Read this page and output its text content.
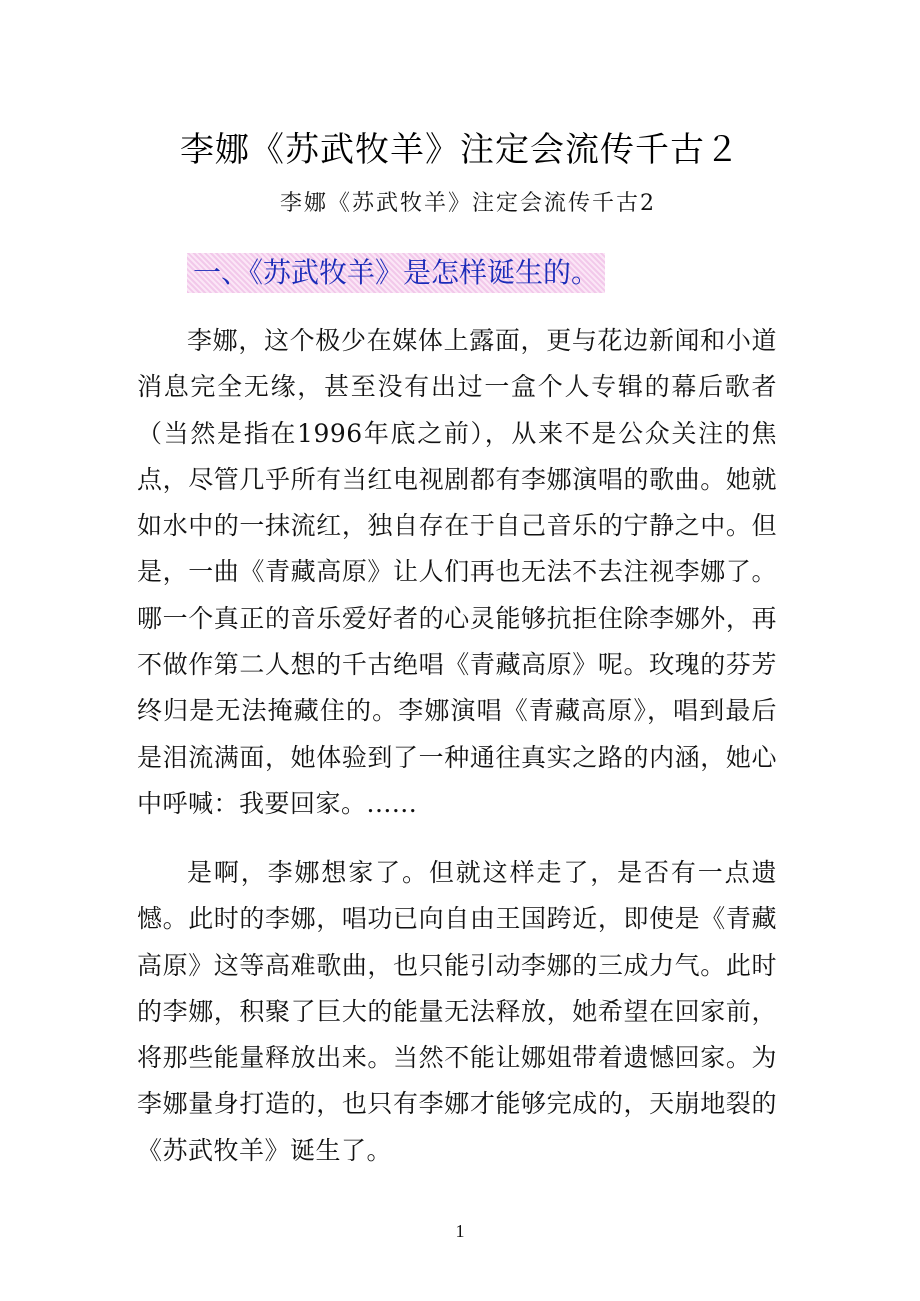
李娜《苏武牧羊》注定会流传千古２

李娜《苏武牧羊》注定会流传千古2

一、《苏武牧羊》是怎样诞生的。

李娜，这个极少在媒体上露面，更与花边新闻和小道消息完全无缘，甚至没有出过一盒个人专辑的幕后歌者（当然是指在1996年底之前），从来不是公众关注的焦点，尽管几乎所有当红电视剧都有李娜演唱的歌曲。她就如水中的一抹流红，独自存在于自己音乐的宁静之中。但是，一曲《青藏高原》让人们再也无法不去注视李娜了。哪一个真正的音乐爱好者的心灵能够抗拒住除李娜外，再不做作第二人想的千古绝唱《青藏高原》呢。玫瑰的芬芳终归是无法掩藏住的。李娜演唱《青藏高原》，唱到最后是泪流满面，她体验到了一种通往真实之路的内涵，她心中呼喊：我要回家。......

是啊，李娜想家了。但就这样走了，是否有一点遗憾。此时的李娜，唱功已向自由王国跨近，即使是《青藏高原》这等高难歌曲，也只能引动李娜的三成力气。此时的李娜，积聚了巨大的能量无法释放，她希望在回家前，将那些能量释放出来。当然不能让娜姐带着遗憾回家。为李娜量身打造的，也只有李娜才能够完成的，天崩地裂的《苏武牧羊》诞生了。

1
